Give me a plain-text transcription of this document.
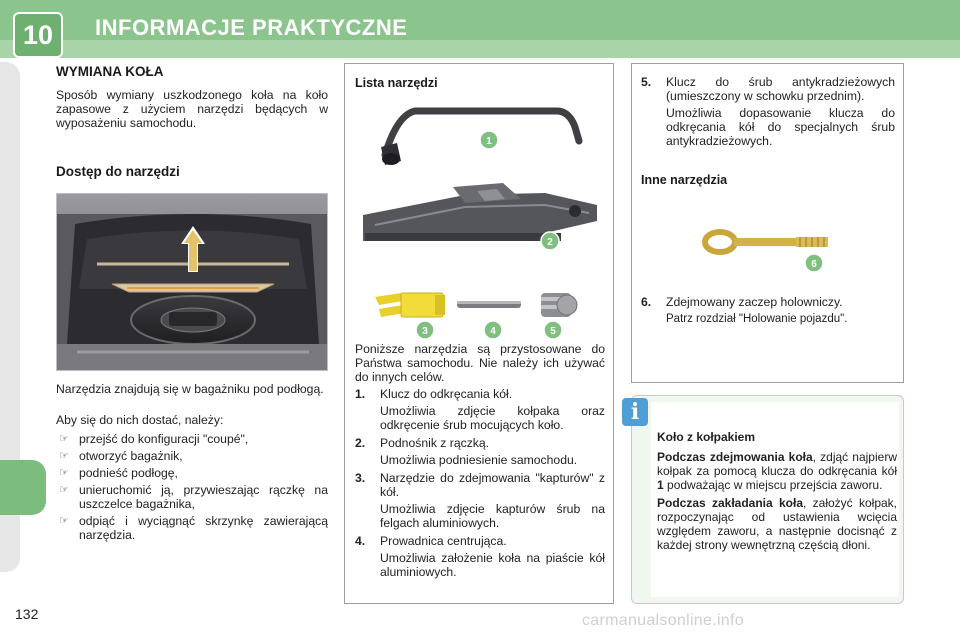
10	INFORMACJE PRAKTYCZNE
WYMIANA KOŁA
Sposób wymiany uszkodzonego koła na koło zapasowe z użyciem narzędzi będących w wyposażeniu samochodu.
Dostęp do narzędzi
Narzędzia znajdują się w bagażniku pod podłogą.
Aby się do nich dostać, należy:
☞ przejść do konfiguracji "coupé",
☞ otworzyć bagażnik,
☞ podnieść podłogę,
☞ unieruchomić ją, przywieszając rączkę na uszczelce bagażnika,
☞ odpiąć i wyciągnąć skrzynkę zawierającą narzędzia.
Lista narzędzi
1
2
3	4	5
Poniższe narzędzia są przystosowane do Państwa samochodu. Nie należy ich używać do innych celów.
1. Klucz do odkręcania kół.
Umożliwia zdjęcie kołpaka oraz odkręcenie śrub mocujących koło.
2. Podnośnik z rączką.
Umożliwia podniesienie samochodu.
3. Narzędzie do zdejmowania "kapturów" z kół.
Umożliwia zdjęcie kapturów śrub na felgach aluminiowych.
4. Prowadnica centrująca.
Umożliwia założenie koła na piaście kół aluminiowych.
5. Klucz do śrub antykradzieżowych (umieszczony w schowku przednim).
Umożliwia dopasowanie klucza do odkręcania kół do specjalnych śrub antykradzieżowych.
Inne narzędzia
6
6. Zdejmowany zaczep holowniczy.
Patrz rozdział "Holowanie pojazdu".
i

Koło z kołpakiem

Podczas zdejmowania koła, zdjąć najpierw kołpak za pomocą klucza do odkręcania kół 1 podważając w miejscu przejścia zaworu.

Podczas zakładania koła, założyć kołpak, rozpoczynając od ustawienia wcięcia względem zaworu, a następnie docisnąć z każdej strony wewnętrzną częścią dłoni.

132	carmanualsonline.info
